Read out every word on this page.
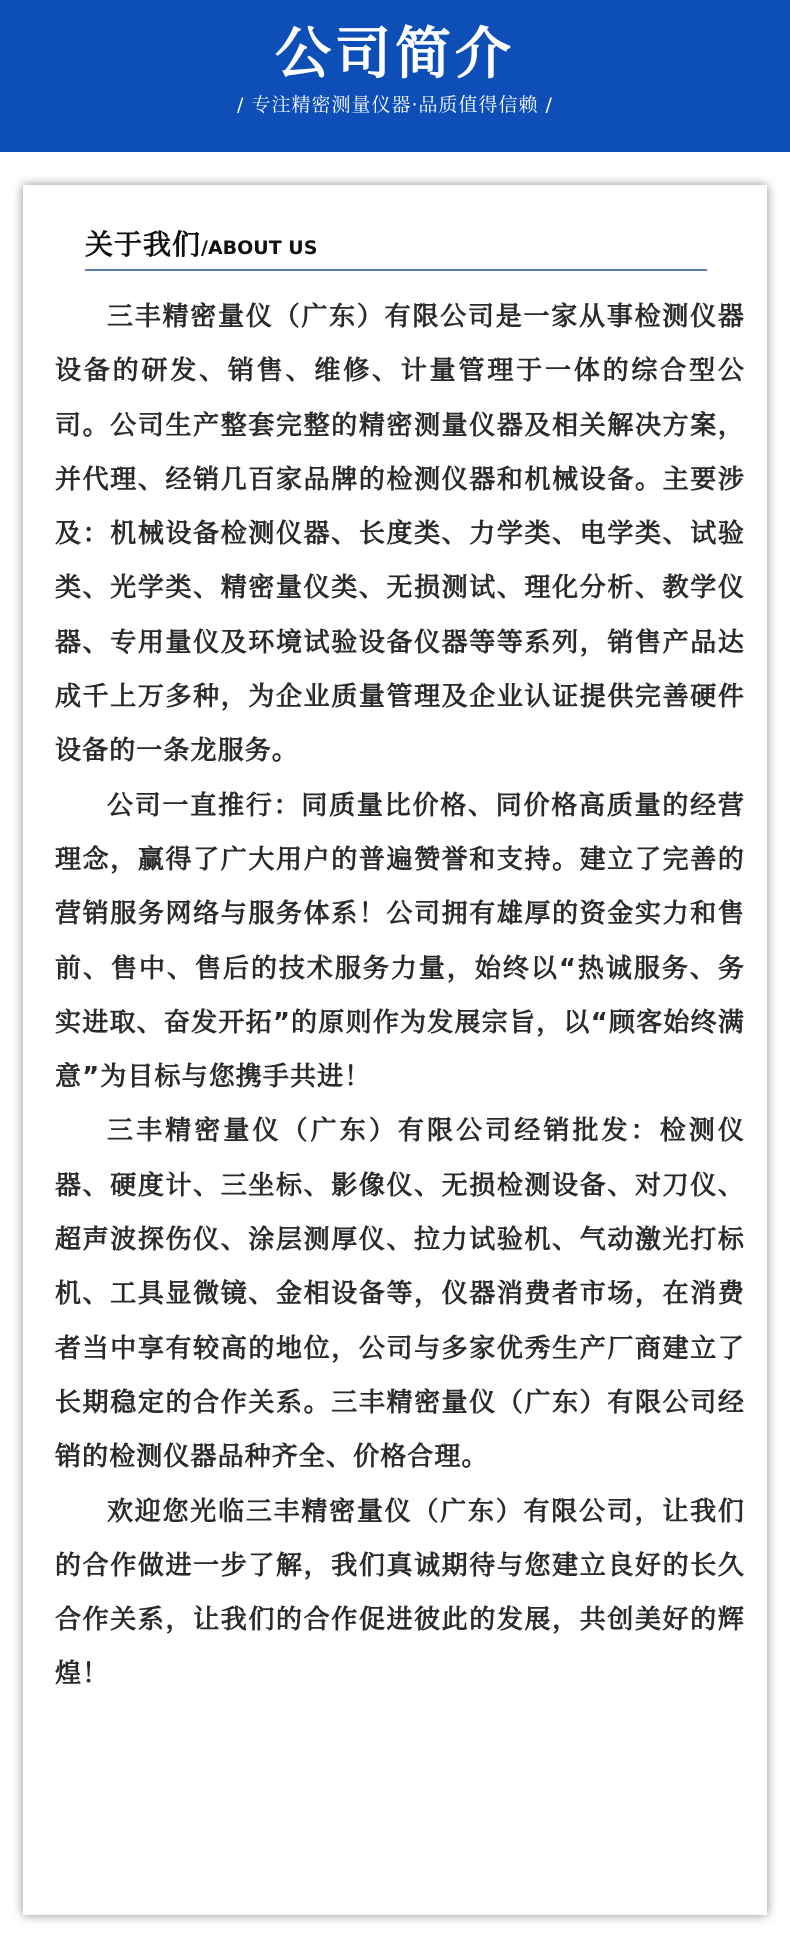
公司简介
/ 专注精密测量仪器·品质值得信赖 /
关于我们/ABOUT US

三丰精密量仪（广东）有限公司是一家从事检测仪器设备的研发、销售、维修、计量管理于一体的综合型公司。公司生产整套完整的精密测量仪器及相关解决方案，并代理、经销几百家品牌的检测仪器和机械设备。主要涉及：机械设备检测仪器、长度类、力学类、电学类、试验类、光学类、精密量仪类、无损测试、理化分析、教学仪器、专用量仪及环境试验设备仪器等等系列，销售产品达成千上万多种，为企业质量管理及企业认证提供完善硬件设备的一条龙服务。

公司一直推行：同质量比价格、同价格高质量的经营理念，赢得了广大用户的普遍赞誉和支持。建立了完善的营销服务网络与服务体系！公司拥有雄厚的资金实力和售前、售中、售后的技术服务力量，始终以“热诚服务、务实进取、奋发开拓”的原则作为发展宗旨，以“顾客始终满意”为目标与您携手共进！

三丰精密量仪（广东）有限公司经销批发：检测仪器、硬度计、三坐标、影像仪、无损检测设备、对刀仪、超声波探伤仪、涂层测厚仪、拉力试验机、气动激光打标机、工具显微镜、金相设备等，仪器消费者市场，在消费者当中享有较高的地位，公司与多家优秀生产厂商建立了长期稳定的合作关系。三丰精密量仪（广东）有限公司经销的检测仪器品种齐全、价格合理。

欢迎您光临三丰精密量仪（广东）有限公司，让我们的合作做进一步了解，我们真诚期待与您建立良好的长久合作关系，让我们的合作促进彼此的发展，共创美好的辉煌！
